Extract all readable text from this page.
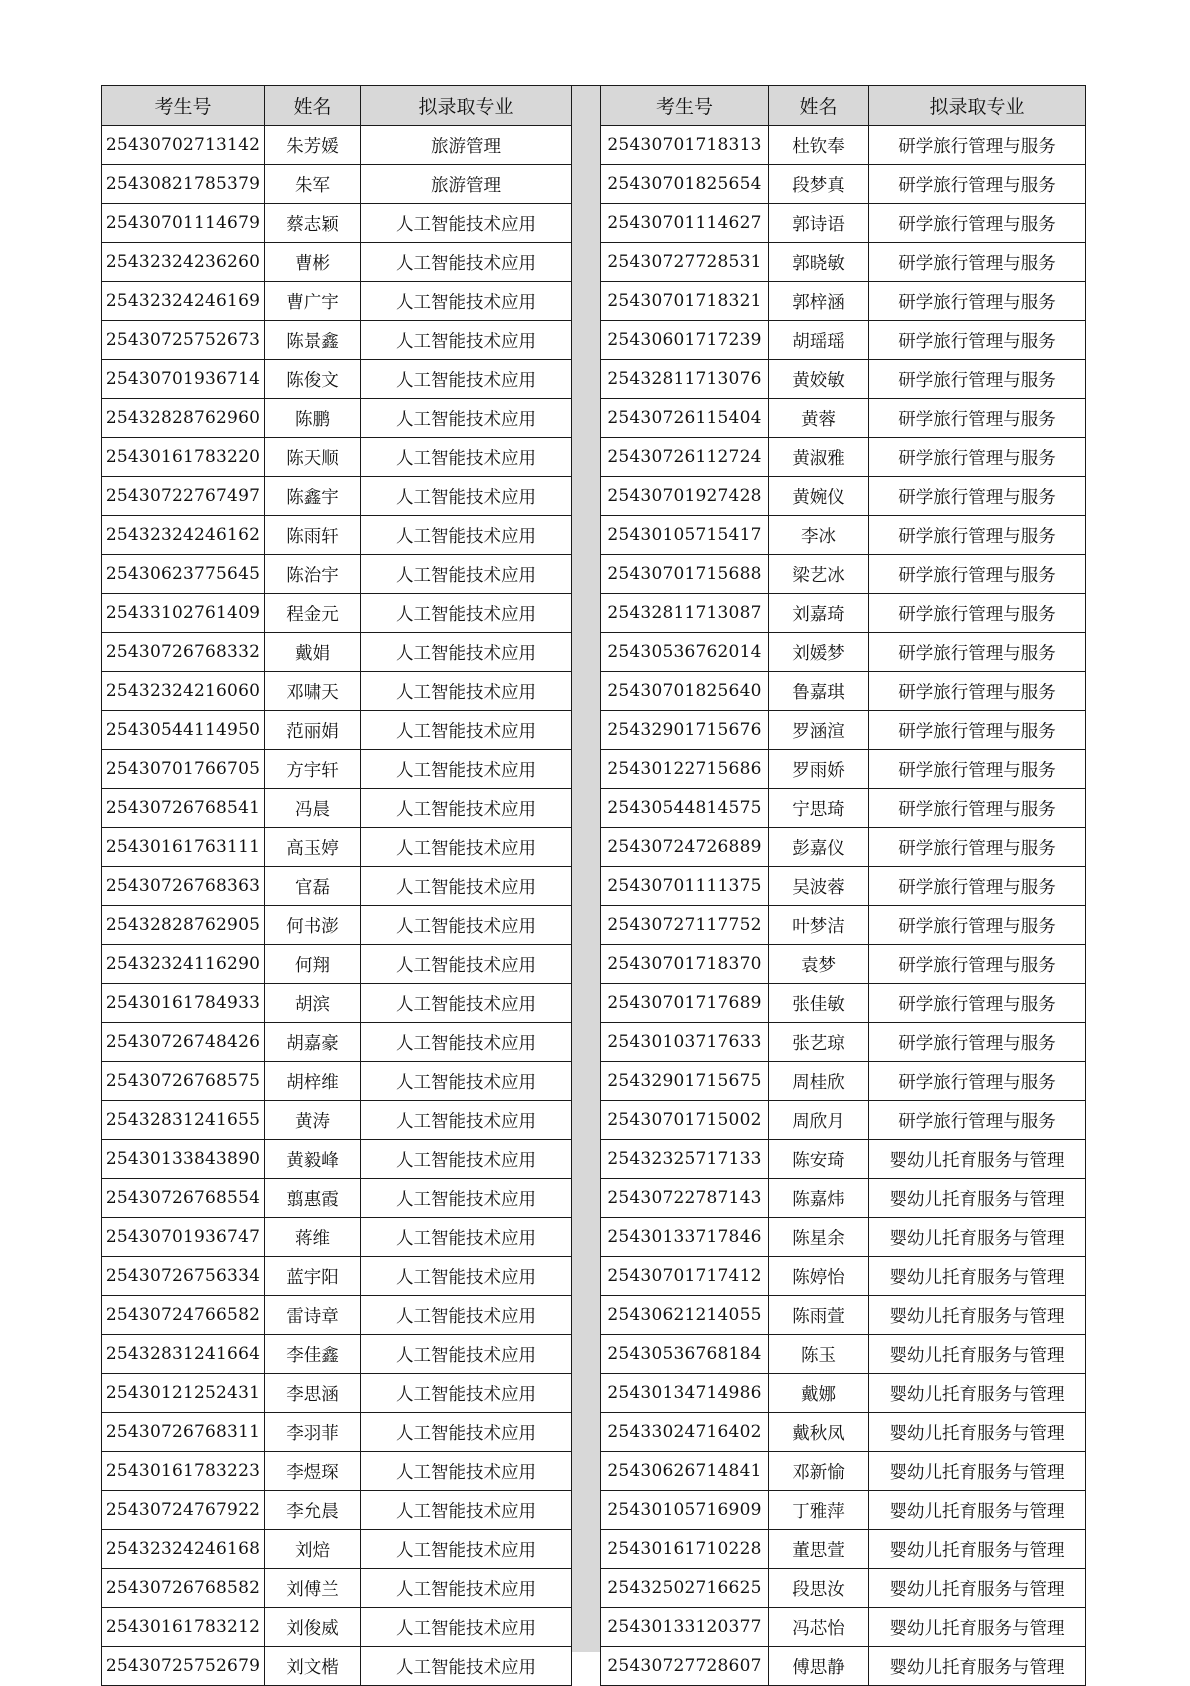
考生号	姓名	拟录取专业
25430702713142	朱芳媛	旅游管理
25430821785379	朱军	旅游管理
25430701114679	蔡志颖	人工智能技术应用
25432324236260	曹彬	人工智能技术应用
25432324246169	曹广宇	人工智能技术应用
25430725752673	陈景鑫	人工智能技术应用
25430701936714	陈俊文	人工智能技术应用
25432828762960	陈鹏	人工智能技术应用
25430161783220	陈天顺	人工智能技术应用
25430722767497	陈鑫宇	人工智能技术应用
25432324246162	陈雨轩	人工智能技术应用
25430623775645	陈治宇	人工智能技术应用
25433102761409	程金元	人工智能技术应用
25430726768332	戴娟	人工智能技术应用
25432324216060	邓啸天	人工智能技术应用
25430544114950	范丽娟	人工智能技术应用
25430701766705	方宇轩	人工智能技术应用
25430726768541	冯晨	人工智能技术应用
25430161763111	高玉婷	人工智能技术应用
25430726768363	官磊	人工智能技术应用
25432828762905	何书澎	人工智能技术应用
25432324116290	何翔	人工智能技术应用
25430161784933	胡滨	人工智能技术应用
25430726748426	胡嘉豪	人工智能技术应用
25430726768575	胡梓维	人工智能技术应用
25432831241655	黄涛	人工智能技术应用
25430133843890	黄毅峰	人工智能技术应用
25430726768554	翦惠霞	人工智能技术应用
25430701936747	蒋维	人工智能技术应用
25430726756334	蓝宇阳	人工智能技术应用
25430724766582	雷诗章	人工智能技术应用
25432831241664	李佳鑫	人工智能技术应用
25430121252431	李思涵	人工智能技术应用
25430726768311	李羽菲	人工智能技术应用
25430161783223	李煜琛	人工智能技术应用
25430724767922	李允晨	人工智能技术应用
25432324246168	刘焙	人工智能技术应用
25430726768582	刘傅兰	人工智能技术应用
25430161783212	刘俊威	人工智能技术应用
25430725752679	刘文楷	人工智能技术应用
考生号	姓名	拟录取专业
25430701718313	杜钦奉	研学旅行管理与服务
25430701825654	段梦真	研学旅行管理与服务
25430701114627	郭诗语	研学旅行管理与服务
25430727728531	郭晓敏	研学旅行管理与服务
25430701718321	郭梓涵	研学旅行管理与服务
25430601717239	胡瑶瑶	研学旅行管理与服务
25432811713076	黄姣敏	研学旅行管理与服务
25430726115404	黄蓉	研学旅行管理与服务
25430726112724	黄淑雅	研学旅行管理与服务
25430701927428	黄婉仪	研学旅行管理与服务
25430105715417	李冰	研学旅行管理与服务
25430701715688	梁艺冰	研学旅行管理与服务
25432811713087	刘嘉琦	研学旅行管理与服务
25430536762014	刘媛梦	研学旅行管理与服务
25430701825640	鲁嘉琪	研学旅行管理与服务
25432901715676	罗涵渲	研学旅行管理与服务
25430122715686	罗雨娇	研学旅行管理与服务
25430544814575	宁思琦	研学旅行管理与服务
25430724726889	彭嘉仪	研学旅行管理与服务
25430701111375	吴波蓉	研学旅行管理与服务
25430727117752	叶梦洁	研学旅行管理与服务
25430701718370	袁梦	研学旅行管理与服务
25430701717689	张佳敏	研学旅行管理与服务
25430103717633	张艺琼	研学旅行管理与服务
25432901715675	周桂欣	研学旅行管理与服务
25430701715002	周欣月	研学旅行管理与服务
25432325717133	陈安琦	婴幼儿托育服务与管理
25430722787143	陈嘉炜	婴幼儿托育服务与管理
25430133717846	陈星余	婴幼儿托育服务与管理
25430701717412	陈婷怡	婴幼儿托育服务与管理
25430621214055	陈雨萱	婴幼儿托育服务与管理
25430536768184	陈玉	婴幼儿托育服务与管理
25430134714986	戴娜	婴幼儿托育服务与管理
25433024716402	戴秋凤	婴幼儿托育服务与管理
25430626714841	邓新愉	婴幼儿托育服务与管理
25430105716909	丁雅萍	婴幼儿托育服务与管理
25430161710228	董思萱	婴幼儿托育服务与管理
25432502716625	段思汝	婴幼儿托育服务与管理
25430133120377	冯芯怡	婴幼儿托育服务与管理
25430727728607	傅思静	婴幼儿托育服务与管理
